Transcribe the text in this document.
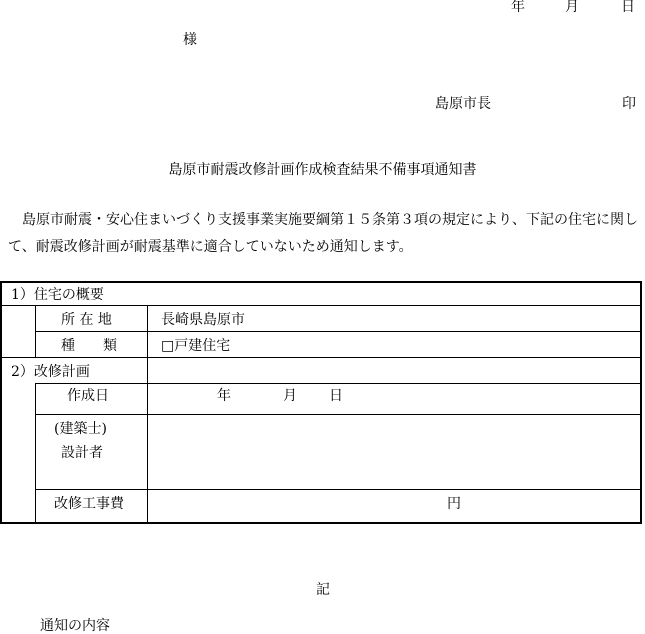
年	月	日
様
島原市長	印
島原市耐震改修計画作成検査結果不備事項通知書
　島原市耐震・安心住まいづくり支援事業実施要綱第１５条第３項の規定により、下記の住宅に関して、耐震改修計画が耐震基準に適合していないため通知します。
1）住宅の概要
所 在 地	長崎県島原市
種　　類	□戸建住宅
2）改修計画
作成日	年	月 日
(建築士)
設計者
改修工事費	円
記
通知の内容
